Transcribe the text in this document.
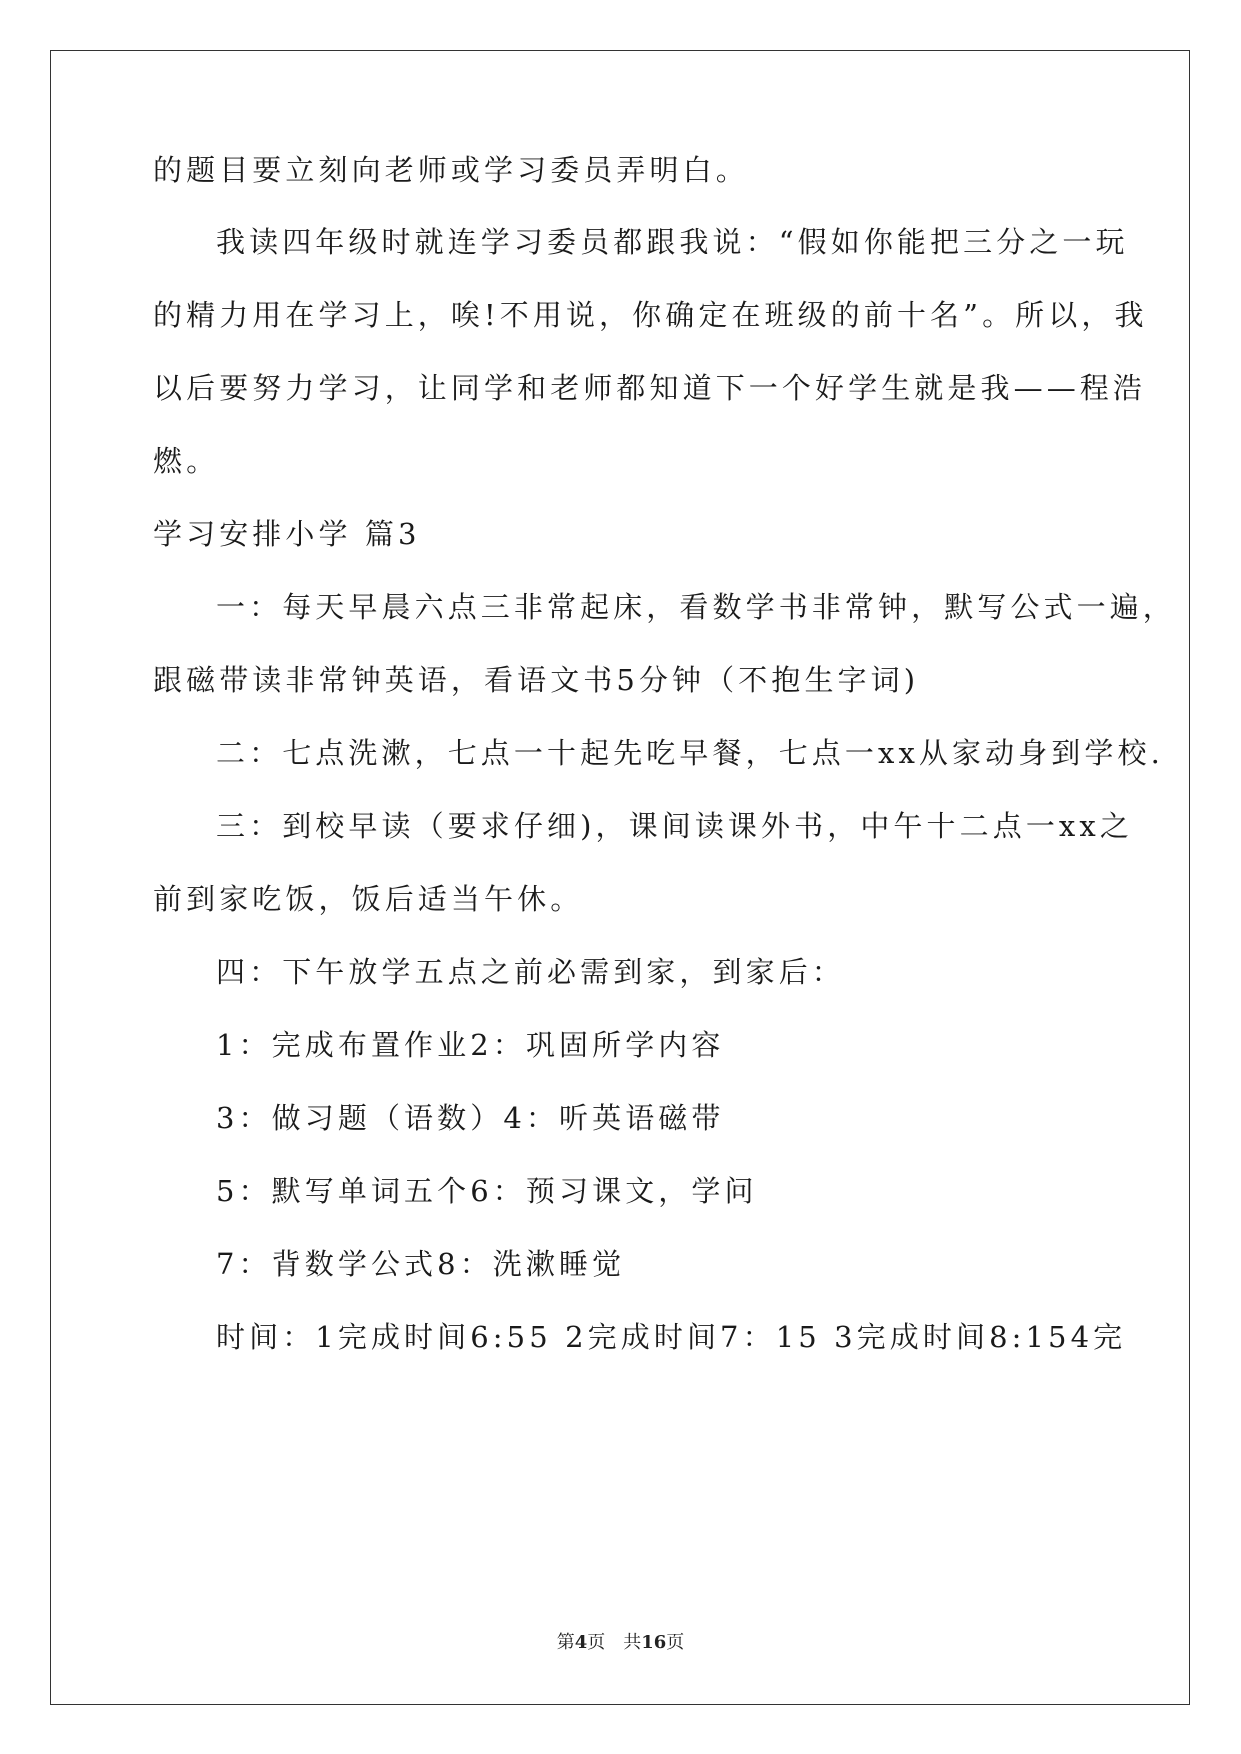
的题目要立刻向老师或学习委员弄明白。
我读四年级时就连学习委员都跟我说：“假如你能把三分之一玩
的精力用在学习上，唉!不用说，你确定在班级的前十名”。所以，我
以后要努力学习，让同学和老师都知道下一个好学生就是我——程浩
燃。
学习安排小学 篇3
一：每天早晨六点三非常起床，看数学书非常钟，默写公式一遍，
跟磁带读非常钟英语，看语文书5分钟（不抱生字词)
二：七点洗漱，七点一十起先吃早餐，七点一xx从家动身到学校.
三：到校早读（要求仔细)，课间读课外书，中午十二点一xx之
前到家吃饭，饭后适当午休。
四：下午放学五点之前必需到家，到家后：
1：完成布置作业2：巩固所学内容
3：做习题（语数）4：听英语磁带
5：默写单词五个6：预习课文，学问
7：背数学公式8：洗漱睡觉
时间：1完成时间6:55 2完成时间7：15 3完成时间8:154完
第4页　共16页
